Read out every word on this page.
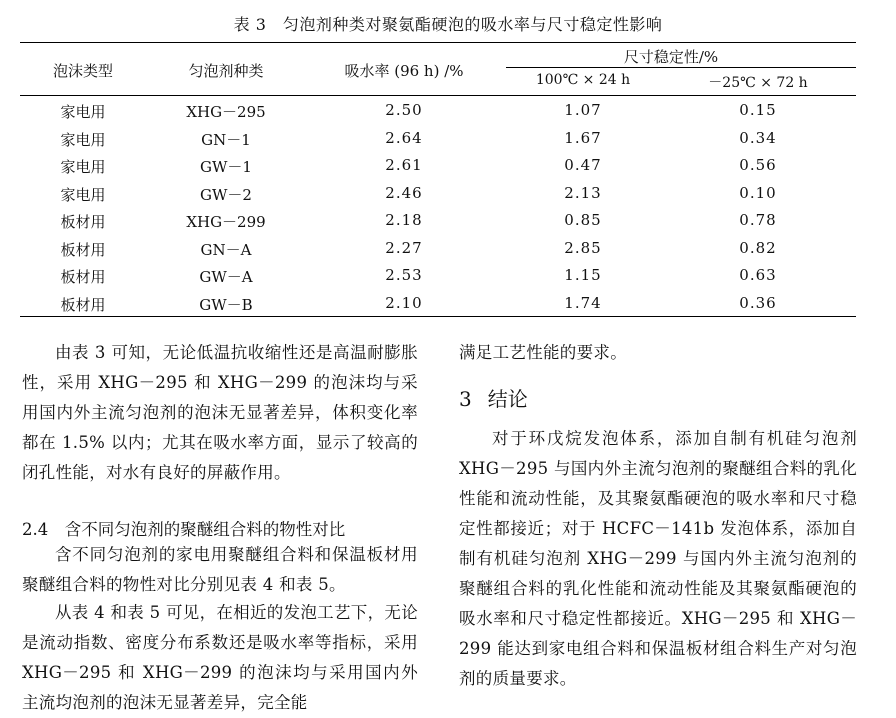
表 3　匀泡剂种类对聚氨酯硬泡的吸水率与尺寸稳定性影响
泡沫类型	匀泡剂种类	吸水率 (96 h) /%
尺寸稳定性/%
100℃ × 24 h	－25℃ × 72 h
家电用	XHG－295	2.50	1.07	0.15
家电用	GN－1	2.64	1.67	0.34
家电用	GW－1	2.61	0.47	0.56
家电用	GW－2	2.46	2.13	0.10
板材用	XHG－299	2.18	0.85	0.78
板材用	GN－A	2.27	2.85	0.82
板材用	GW－A	2.53	1.15	0.63
板材用	GW－B	2.10	1.74	0.36
由表 3 可知，无论低温抗收缩性还是高温耐膨胀性，采用 XHG－295 和 XHG－299 的泡沫均与采用国内外主流匀泡剂的泡沫无显著差异，体积变化率都在 1.5% 以内；尤其在吸水率方面，显示了较高的闭孔性能，对水有良好的屏蔽作用。
2.4　含不同匀泡剂的聚醚组合料的物性对比
含不同匀泡剂的家电用聚醚组合料和保温板材用聚醚组合料的物性对比分别见表 4 和表 5。
从表 4 和表 5 可见，在相近的发泡工艺下，无论是流动指数、密度分布系数还是吸水率等指标，采用 XHG－295 和 XHG－299 的泡沫均与采用国内外主流均泡剂的泡沫无显著差异，完全能
满足工艺性能的要求。
3 结论
对于环戊烷发泡体系，添加自制有机硅匀泡剂 XHG－295 与国内外主流匀泡剂的聚醚组合料的乳化性能和流动性能，及其聚氨酯硬泡的吸水率和尺寸稳定性都接近；对于 HCFC－141b 发泡体系，添加自制有机硅匀泡剂 XHG－299 与国内外主流匀泡剂的聚醚组合料的乳化性能和流动性能及其聚氨酯硬泡的吸水率和尺寸稳定性都接近。XHG－295 和 XHG－299 能达到家电组合料和保温板材组合料生产对匀泡剂的质量要求。
